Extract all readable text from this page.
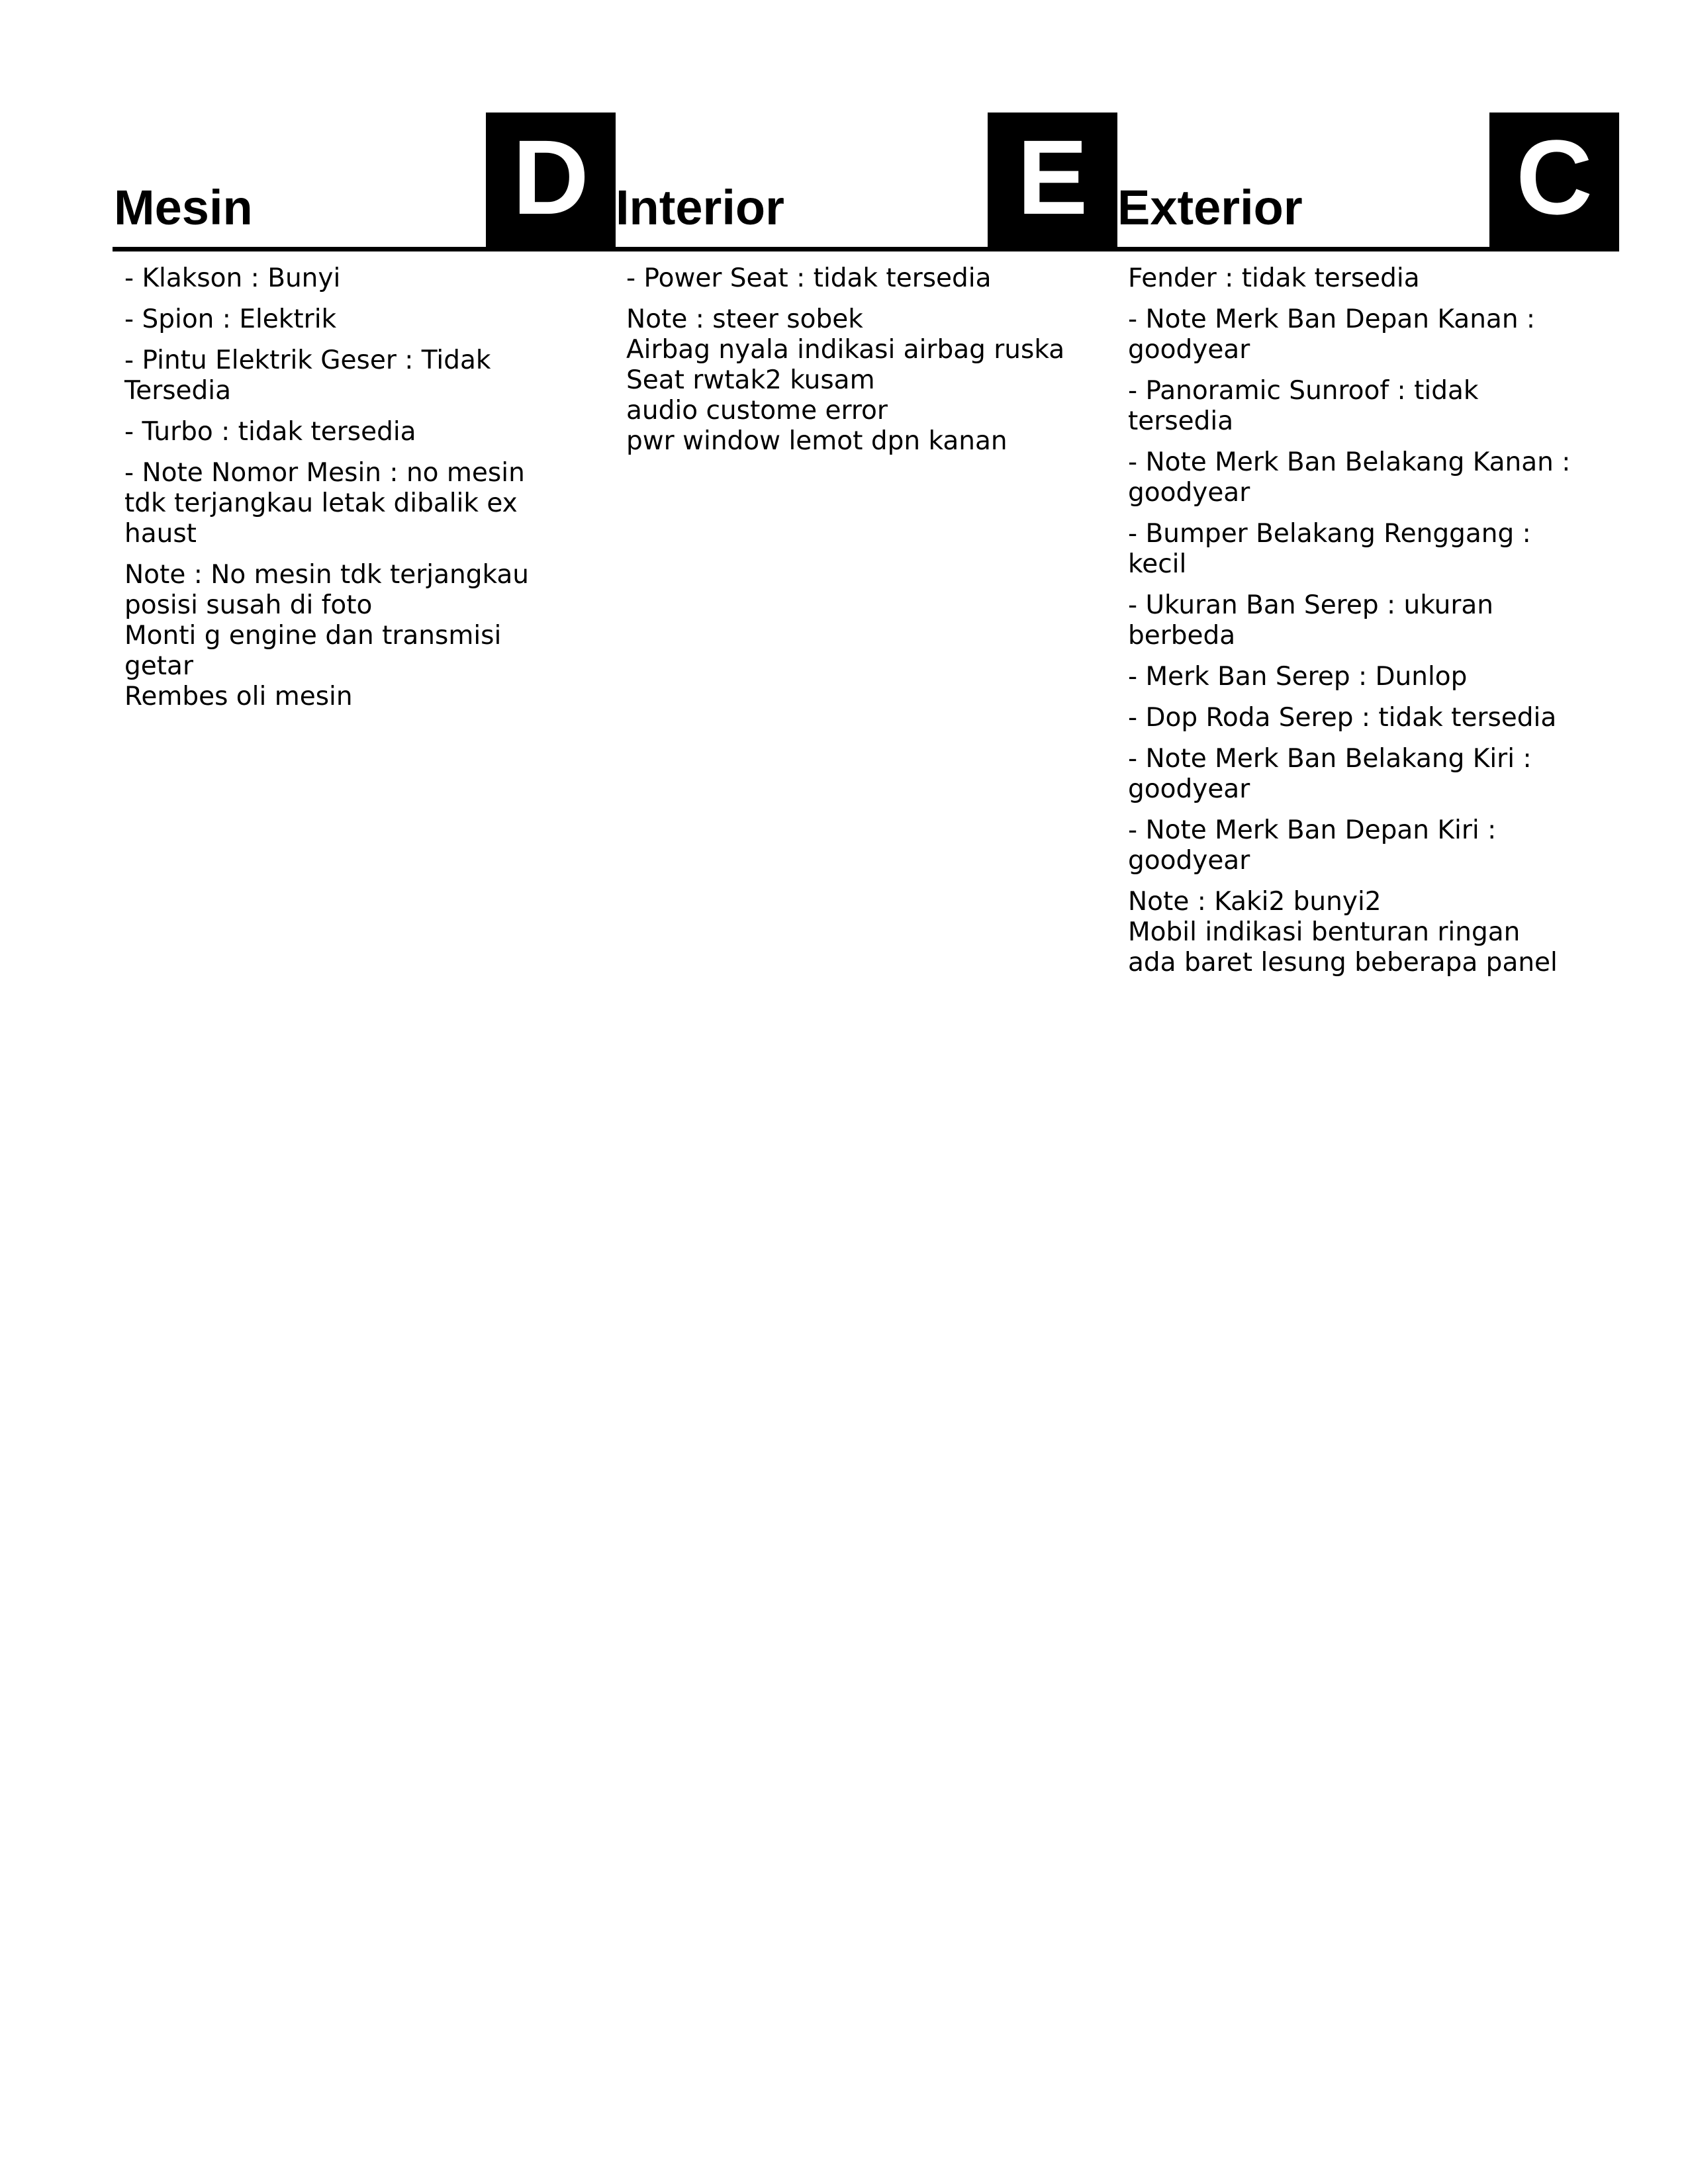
Mesin D
- Klakson : Bunyi
- Spion : Elektrik
- Pintu Elektrik Geser : Tidak
Tersedia
- Turbo : tidak tersedia
- Note Nomor Mesin : no mesin
tdk terjangkau letak dibalik ex
haust
Note : No mesin tdk terjangkau
posisi susah di foto
Monti g engine dan transmisi
getar
Rembes oli mesin
Interior E
- Power Seat : tidak tersedia
Note : steer sobek
Airbag nyala indikasi airbag ruska
Seat rwtak2 kusam
audio custome error
pwr window lemot dpn kanan
Exterior C
Fender : tidak tersedia
- Note Merk Ban Depan Kanan :
goodyear
- Panoramic Sunroof : tidak
tersedia
- Note Merk Ban Belakang Kanan :
goodyear
- Bumper Belakang Renggang :
kecil
- Ukuran Ban Serep : ukuran
berbeda
- Merk Ban Serep : Dunlop
- Dop Roda Serep : tidak tersedia
- Note Merk Ban Belakang Kiri :
goodyear
- Note Merk Ban Depan Kiri :
goodyear
Note : Kaki2 bunyi2
Mobil indikasi benturan ringan
ada baret lesung beberapa panel
